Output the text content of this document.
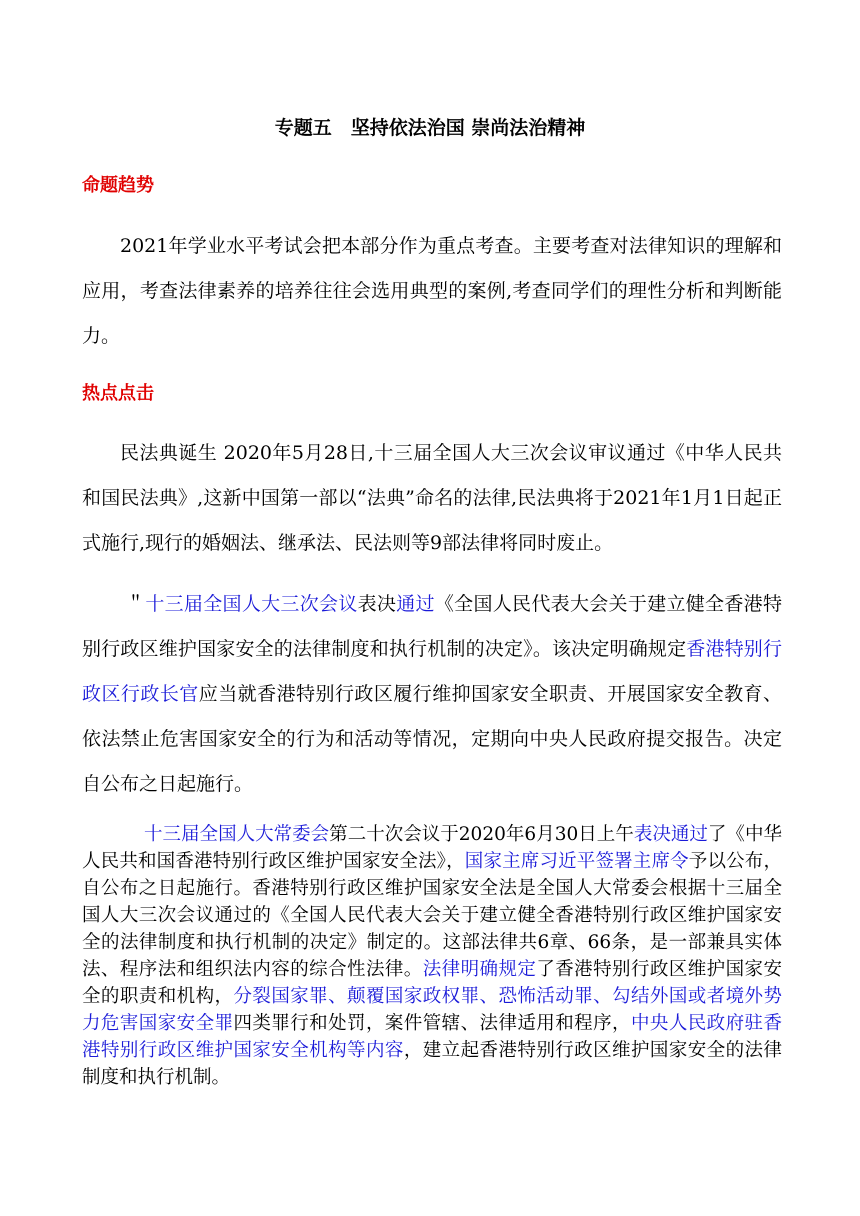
专题五　坚持依法治国 崇尚法治精神
命题趋势

2021年学业水平考试会把本部分作为重点考查。主要考查对法律知识的理解和应用，考查法律素养的培养往往会选用典型的案例,考查同学们的理性分析和判断能力。

热点点击

民法典诞生 2020年5月28日,十三届全国人大三次会议审议通过《中华人民共和国民法典》,这新中国第一部以“法典”命名的法律,民法典将于2021年1月1日起正式施行,现行的婚姻法、继承法、民法则等9部法律将同时废止。

＂十三届全国人大三次会议表决通过《全国人民代表大会关于建立健全香港特别行政区维护国家安全的法律制度和执行机制的决定》。该决定明确规定香港特别行政区行政长官应当就香港特别行政区履行维抑国家安全职责、开展国家安全教育、依法禁止危害国家安全的行为和活动等情况，定期向中央人民政府提交报告。决定自公布之日起施行。

十三届全国人大常委会第二十次会议于2020年6月30日上午表决通过了《中华人民共和国香港特别行政区维护国家安全法》，国家主席习近平签署主席令予以公布，自公布之日起施行。香港特别行政区维护国家安全法是全国人大常委会根据十三届全国人大三次会议通过的《全国人民代表大会关于建立健全香港特别行政区维护国家安全的法律制度和执行机制的决定》制定的。这部法律共6章、66条，是一部兼具实体法、程序法和组织法内容的综合性法律。法律明确规定了香港特别行政区维护国家安全的职责和机构，分裂国家罪、颠覆国家政权罪、恐怖活动罪、勾结外国或者境外势力危害国家安全罪四类罪行和处罚，案件管辖、法律适用和程序，中央人民政府驻香港特别行政区维护国家安全机构等内容，建立起香港特别行政区维护国家安全的法律制度和执行机制。
